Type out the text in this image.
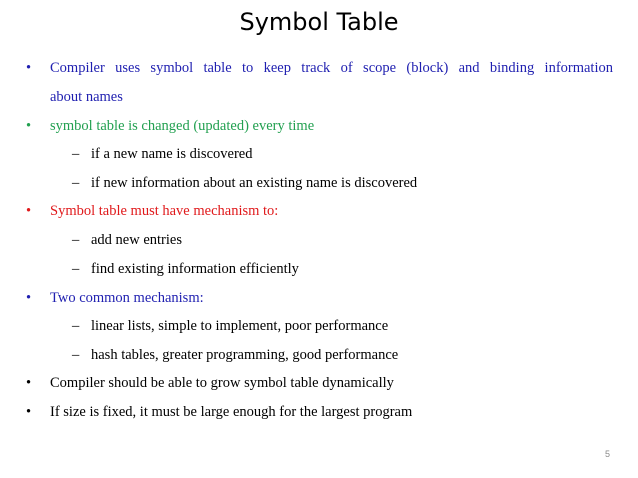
Symbol Table
•	Compiler uses symbol table to keep track of scope (block) and binding information
about names
•	symbol table is changed (updated) every time
– if a new name is discovered
– if new information about an existing name is discovered
•	Symbol table must have mechanism to:
– add new entries
– find existing information efficiently
•	Two common mechanism:
– linear lists, simple to implement, poor performance
– hash tables, greater programming, good performance
•	Compiler should be able to grow symbol table dynamically
•	If size is fixed, it must be large enough for the largest program
5
